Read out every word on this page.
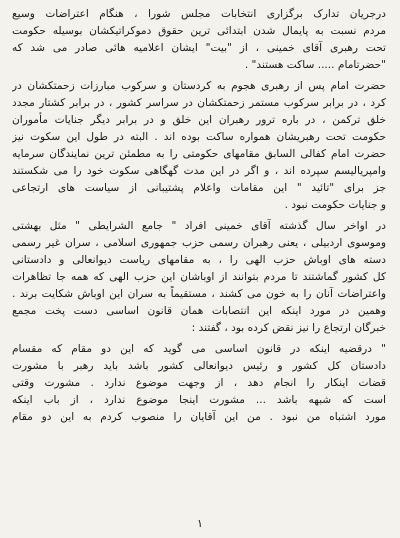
درجریان تدارک برگزاری انتخابات مجلس شورا ، هنگام اعتراضات وسیع
مردم نسبت به پایمال شدن ابتدائی ترین حقوق دموکراتیکشان بوسیله حکومت
تحت رهبری آقای خمینی ، از "بیت" ایشان اعلامیه هائی صادر می شد که
"حضرتامام ..... ساکت هستند" .
حضرت امام پس از رهبری هجوم به کردستان و سرکوب مبارزات زحمتکشان در
کرد ، در برابر سرکوب مستمر زحمتکشان در سراسر کشور ، در برابر کشتار مجدد
خلق ترکمن ، در باره ترور رهبران این خلق و در برابر دیگر جنایات مأموران
حکومت تحت رهبریشان همواره ساکت بوده اند . البته در طول این سکوت نیز
حضرت امام کفالی السابق مقامهای حکومتی را به مطمئن ترین نمایندگان سرمایه
وامپریالیسم سپرده اند ، و اگر در این مدت گهگاهی سکوت خود را می شکستند
جز برای "تائید " این مقامات واعلام پشتیبانی از سیاست های ارتجاعی
و جنایات حکومت نبود .
در اواخر سال گذشته آقای خمینی افراد " جامع الشرایطی " مثل بهشتی
وموسوی اردبیلی ، یعنی رهبران رسمی حزب جمهوری اسلامی ، سران غیر رسمی
دسته های اوباش حزب الهی را ، به مقامهای ریاست دیوانعالی و دادستانی
کل کشور گماشتند تا مردم بتوانند از اوباشان این حزب الهی که همه جا تظاهرات
واعتراضات آنان را به خون می کشند ، مستقیماً به سران این اوباش شکایت برند .
وهمین در مورد اینکه این انتصابات همان قانون اساسی دست پخت مجمع
خبرگان ارتجاع را نیز نقض کرده بود ، گفتند :
" درقضیه اینکه در قانون اساسی می گوید که این دو مقام که مقسام
دادستان کل کشور و رئیس دیوانعالی کشور باشد باید رهبر با مشورت
قضات اینکار را انجام دهد ، از وجهت موضوع ندارد . مشورت وقتی
است که شبهه باشد ... مشورت اینجا موضوع ندارد ، از باب اینکه
مورد اشتباه من نبود . من این آقایان را منصوب کردم به این دو مقام
۱
